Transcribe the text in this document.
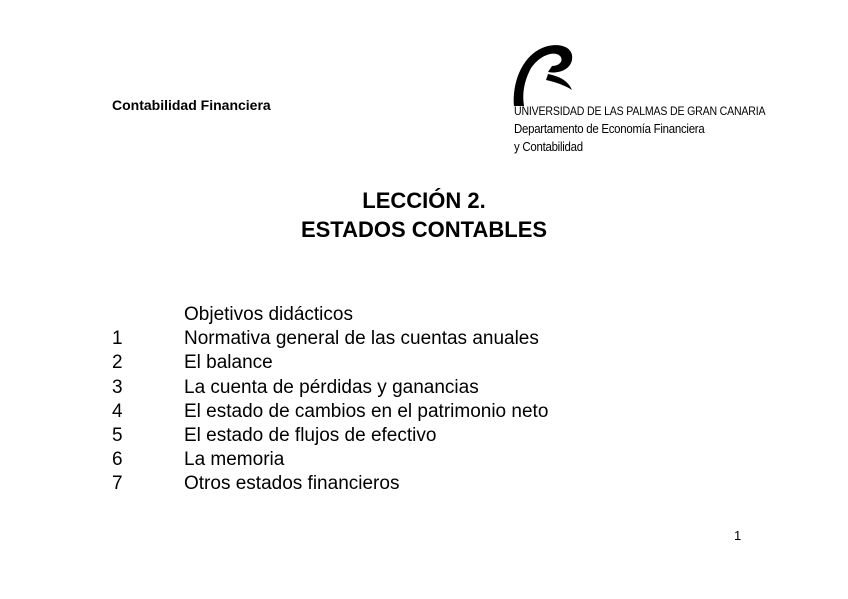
Contabilidad Financiera	UNIVERSIDAD DE LAS PALMAS DE GRAN CANARIA
Departamento de Economía Financiera
y Contabilidad
LECCIÓN 2.
ESTADOS CONTABLES
Objetivos didácticos
1	Normativa general de las cuentas anuales
2	El balance
3	La cuenta de pérdidas y ganancias
4	El estado de cambios en el patrimonio neto
5	El estado de flujos de efectivo
6	La memoria
7	Otros estados financieros
1
